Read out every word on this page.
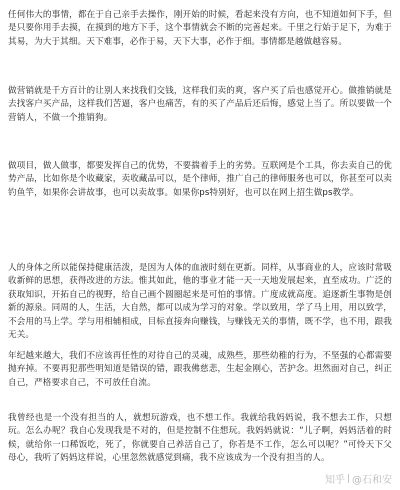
任何伟大的事情，都在于自己亲手去操作，刚开始的时候，看起来没有方向，也不知道如何下手，但是只要你用手去摸，在摸到的地方下手，这个事情就会不断的完善起来。千里之行始于足下，为难于其易，为大于其细。天下难事，必作于易，天下大事，必作于细。事情都是越做越容易。

做营销就是千方百计的让别人来找我们交钱，这样我们卖的爽，客户买了后也感觉开心。做推销就是去找客户买产品，这样我们苦逼，客户也痛苦，有的买了产品后还后悔，感觉上当了。所以要做一个营销人，不做一个推销狗。

做项目，做人做事，都要发挥自己的优势，不要揣着手上的劣势。互联网是个工具，你去卖自己的优势产品，比如你是个收藏家，卖收藏品可以，是个律师，推广自己的律师服务也可以，你甚至可以卖钓鱼竿，如果你会讲故事，也可以卖故事。如果你ps特别好，也可以在网上招生做ps教学。

人的身体之所以能保持健康活泼，是因为人体的血液时刻在更新。同样，从事商业的人，应该时常吸收新鲜的思想，获得改进的方法。惟其如此，他的事业才能一天一天地发展起来，直至成功。广泛的获取知识，开拓自己的视野，给自己画个圆圈起来是可怕的事情。广度成就高度。追逐新生事物是创新的源泉。同周的人，生活，大自然，都可以成为学习的对象。学以致用，学了马上用，用以致学，不会用的马上学。学与用相辅相成，目标直接奔向赚钱，与赚钱无关的事情，既不学，也不用，跟我无关。

年纪越来越大，我们不应该再任性的对待自己的灵魂，成熟些，那些幼稚的行为，不坚强的心都需要抛弃掉。不要再犯那些明知道是错误的错，跟我佛慈悲，生起金刚心，苦护念。坦然面对自己，纠正自己，严格要求自己，不可放任自流。

我曾经也是一个没有担当的人，就想玩游戏，也不想工作。我就给我妈妈说，我不想去工作，只想玩。怎么办呢？我自心发现我是不对的，但是控制不住想玩。我妈妈就说：“儿子啊，妈妈活着的时候，就给你一口稀饭吃，死了，你就要自己养活自己了，你若是不工作，怎么可以呢？”可怜天下父母心，我听了妈妈这样说，心里忽然就感觉到痛，我不应该成为一个没有担当的人。

知乎 @石和安
